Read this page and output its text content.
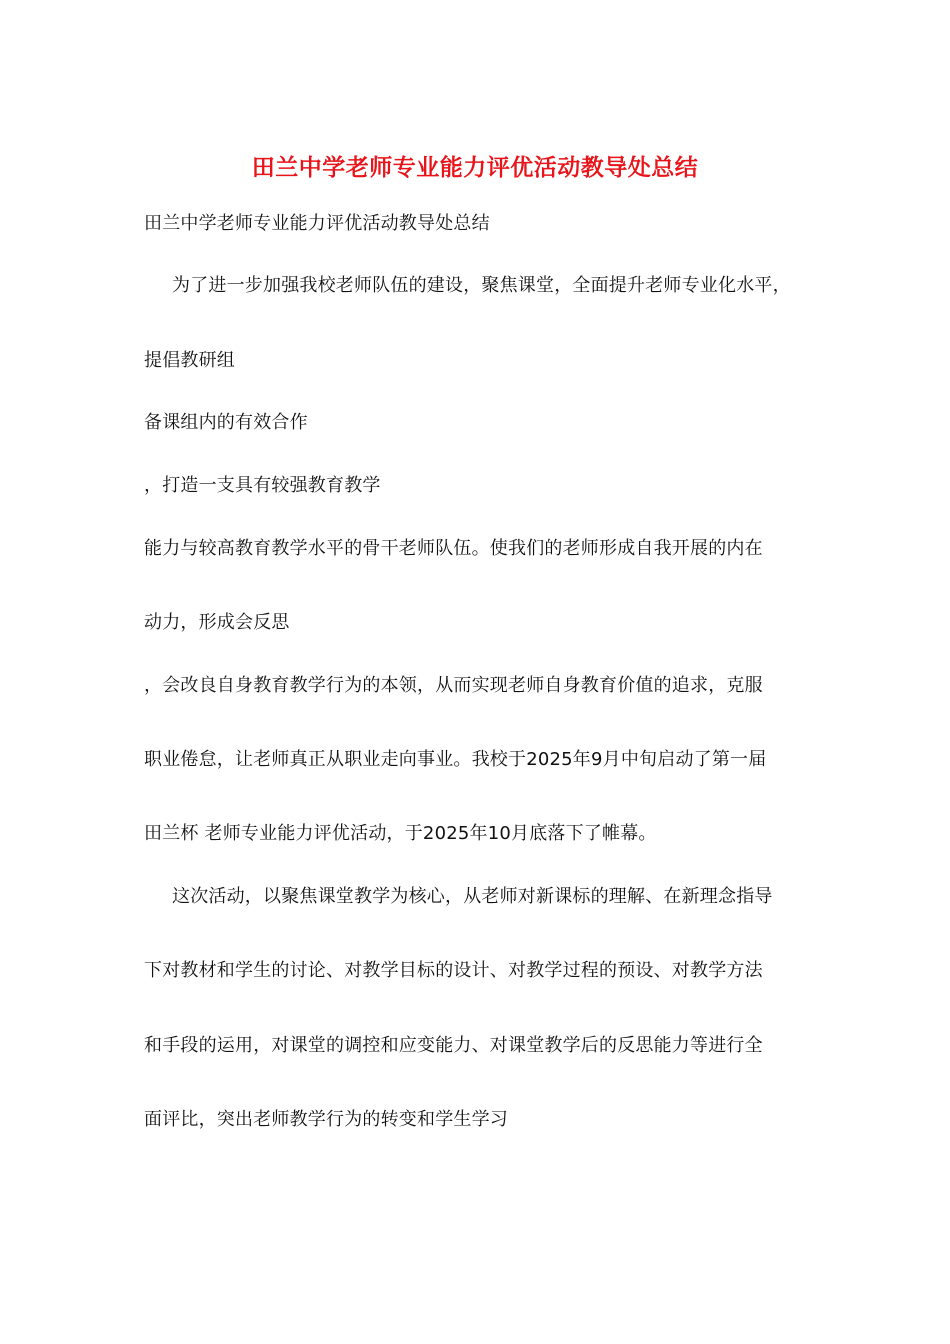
田兰中学老师专业能力评优活动教导处总结
田兰中学老师专业能力评优活动教导处总结
为了进一步加强我校老师队伍的建设，聚焦课堂，全面提升老师专业化水平，
提倡教研组
备课组内的有效合作
，打造一支具有较强教育教学
能力与较高教育教学水平的骨干老师队伍。使我们的老师形成自我开展的内在
动力，形成会反思
，会改良自身教育教学行为的本领，从而实现老师自身教育价值的追求，克服
职业倦怠，让老师真正从职业走向事业。我校于2025年9月中旬启动了第一届
田兰杯 老师专业能力评优活动，于2025年10月底落下了帷幕。
这次活动，以聚焦课堂教学为核心，从老师对新课标的理解、在新理念指导
下对教材和学生的讨论、对教学目标的设计、对教学过程的预设、对教学方法
和手段的运用，对课堂的调控和应变能力、对课堂教学后的反思能力等进行全
面评比，突出老师教学行为的转变和学生学习
